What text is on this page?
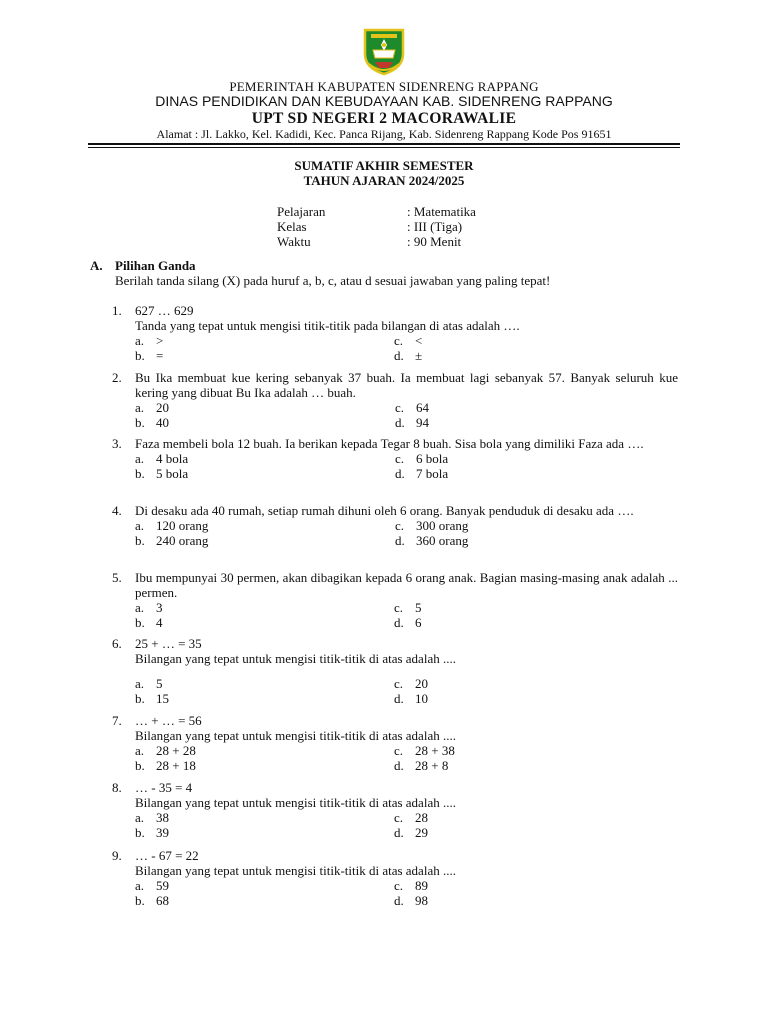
PEMERINTAH KABUPATEN SIDENRENG RAPPANG
DINAS PENDIDIKAN DAN KEBUDAYAAN KAB. SIDENRENG RAPPANG
UPT SD NEGERI 2 MACORAWALIE
Alamat : Jl. Lakko, Kel. Kadidi, Kec. Panca Rijang, Kab. Sidenreng Rappang Kode Pos 91651
SUMATIF AKHIR SEMESTER
TAHUN AJARAN 2024/2025
Pelajaran	: Matematika
Kelas	: III (Tiga)
Waktu	: 90 Menit
A. Pilihan Ganda
Berilah tanda silang (X) pada huruf a, b, c, atau d sesuai jawaban yang paling tepat!
1. 627 … 629
Tanda yang tepat untuk mengisi titik-titik pada bilangan di atas adalah ….
a. >
b. =
c. <
d. ±
2. Bu Ika membuat kue kering sebanyak 37 buah. Ia membuat lagi sebanyak 57. Banyak seluruh kue kering yang dibuat Bu Ika adalah … buah.
a. 20
b. 40
c. 64
d. 94
3. Faza membeli bola 12 buah. Ia berikan kepada Tegar 8 buah. Sisa bola yang dimiliki Faza ada ….
a. 4 bola
b. 5 bola
c. 6 bola
d. 7 bola
4. Di desaku ada 40 rumah, setiap rumah dihuni oleh 6 orang. Banyak penduduk di desaku ada ….
a. 120 orang
b. 240 orang
c. 300 orang
d. 360 orang
5. Ibu mempunyai 30 permen, akan dibagikan kepada 6 orang anak. Bagian masing-masing anak adalah ... permen.
a. 3
b. 4
c. 5
d. 6
6. 25 + … = 35
Bilangan yang tepat untuk mengisi titik-titik di atas adalah ....
a. 5
b. 15
c. 20
d. 10
7. … + … = 56
Bilangan yang tepat untuk mengisi titik-titik di atas adalah ....
a. 28 + 28
b. 28 + 18
c. 28 + 38
d. 28 + 8
8. … - 35 = 4
Bilangan yang tepat untuk mengisi titik-titik di atas adalah ....
a. 38
b. 39
c. 28
d. 29
9. … - 67 = 22
Bilangan yang tepat untuk mengisi titik-titik di atas adalah ....
a. 59
b. 68
c. 89
d. 98
